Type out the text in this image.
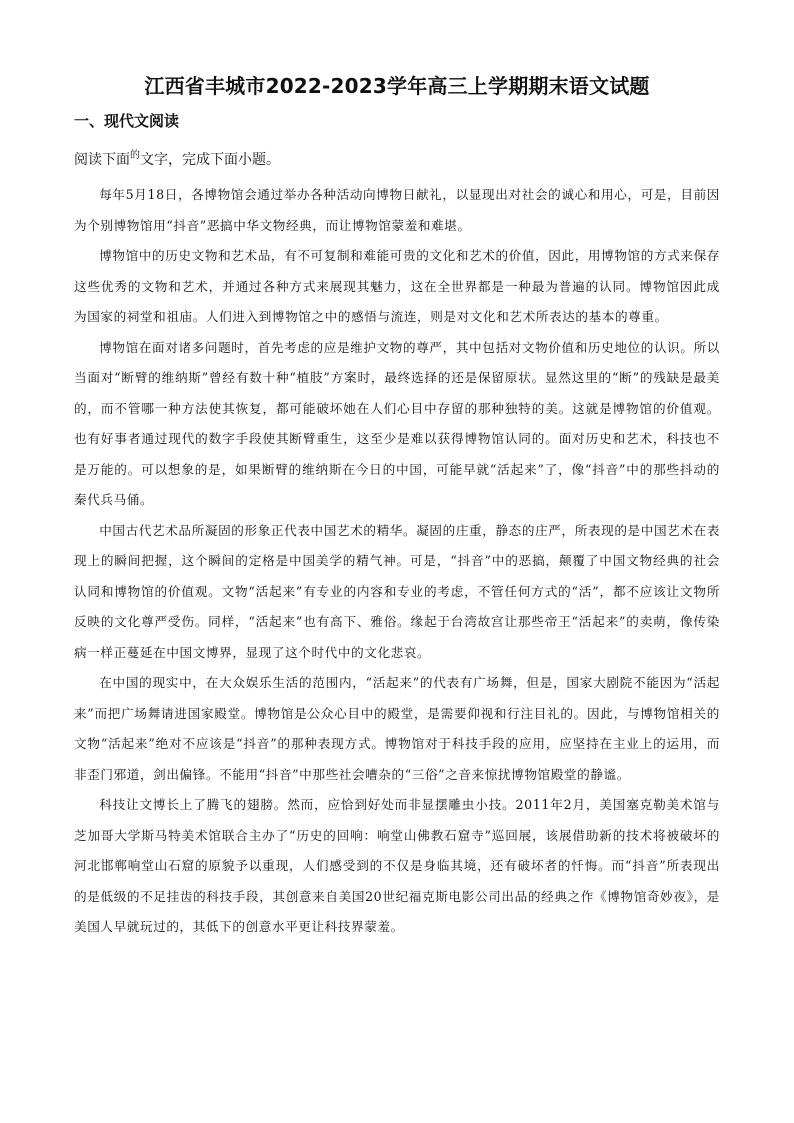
江西省丰城市2022-2023学年高三上学期期末语文试题
一、现代文阅读
阅读下面$^的$文字，完成下面小题。

每年5月18日，各博物馆会通过举办各种活动向博物日献礼，以显现出对社会的诚心和用心，可是，目前因为个别博物馆用“抖音”恶搞中华文物经典，而让博物馆蒙羞和难堪。

博物馆中的历史文物和艺术品，有不可复制和难能可贵的文化和艺术的价值，因此，用博物馆的方式来保存这些优秀的文物和艺术，并通过各种方式来展现其魅力，这在全世界都是一种最为普遍的认同。博物馆因此成为国家的祠堂和祖庙。人们进入到博物馆之中的感悟与流连，则是对文化和艺术所表达的基本的尊重。

博物馆在面对诸多问题时，首先考虑的应是维护文物的尊严，其中包括对文物价值和历史地位的认识。所以当面对“断臂的维纳斯”曾经有数十种“植肢”方案时，最终选择的还是保留原状。显然这里的“断”的残缺是最美的，而不管哪一种方法使其恢复，都可能破坏她在人们心目中存留的那种独特的美。这就是博物馆的价值观。也有好事者通过现代的数字手段使其断臂重生，这至少是难以获得博物馆认同的。面对历史和艺术，科技也不是万能的。可以想象的是，如果断臂的维纳斯在今日的中国，可能早就“活起来”了，像“抖音”中的那些抖动的秦代兵马俑。

中国古代艺术品所凝固的形象正代表中国艺术的精华。凝固的庄重，静态的庄严，所表现的是中国艺术在表现上的瞬间把握，这个瞬间的定格是中国美学的精气神。可是，“抖音”中的恶搞，颠覆了中国文物经典的社会认同和博物馆的价值观。文物“活起来”有专业的内容和专业的考虑，不管任何方式的“活”，都不应该让文物所反映的文化尊严受伤。同样，“活起来”也有高下、雅俗。缘起于台湾故宫让那些帝王“活起来”的卖萌，像传染病一样正蔓延在中国文博界，显现了这个时代中的文化悲哀。

在中国的现实中，在大众娱乐生活的范围内，“活起来”的代表有广场舞，但是，国家大剧院不能因为“活起来”而把广场舞请进国家殿堂。博物馆是公众心目中的殿堂，是需要仰视和行注目礼的。因此，与博物馆相关的文物“活起来”绝对不应该是“抖音”的那种表现方式。博物馆对于科技手段的应用，应坚持在主业上的运用，而非歪门邪道，剑出偏锋。不能用“抖音”中那些社会嘈杂的“三俗”之音来惊扰博物馆殿堂的静谧。

科技让文博长上了腾飞的翅膀。然而，应恰到好处而非显摆雕虫小技。2011年2月，美国塞克勒美术馆与芝加哥大学斯马特美术馆联合主办了“历史的回响：响堂山佛教石窟寺”巡回展，该展借助新的技术将被破坏的河北邯郸响堂山石窟的原貌予以重现，人们感受到的不仅是身临其境，还有破坏者的忏悔。而“抖音”所表现出的是低级的不足挂齿的科技手段，其创意来自美国20世纪福克斯电影公司出品的经典之作《博物馆奇妙夜》，是美国人早就玩过的，其低下的创意水平更让科技界蒙羞。
